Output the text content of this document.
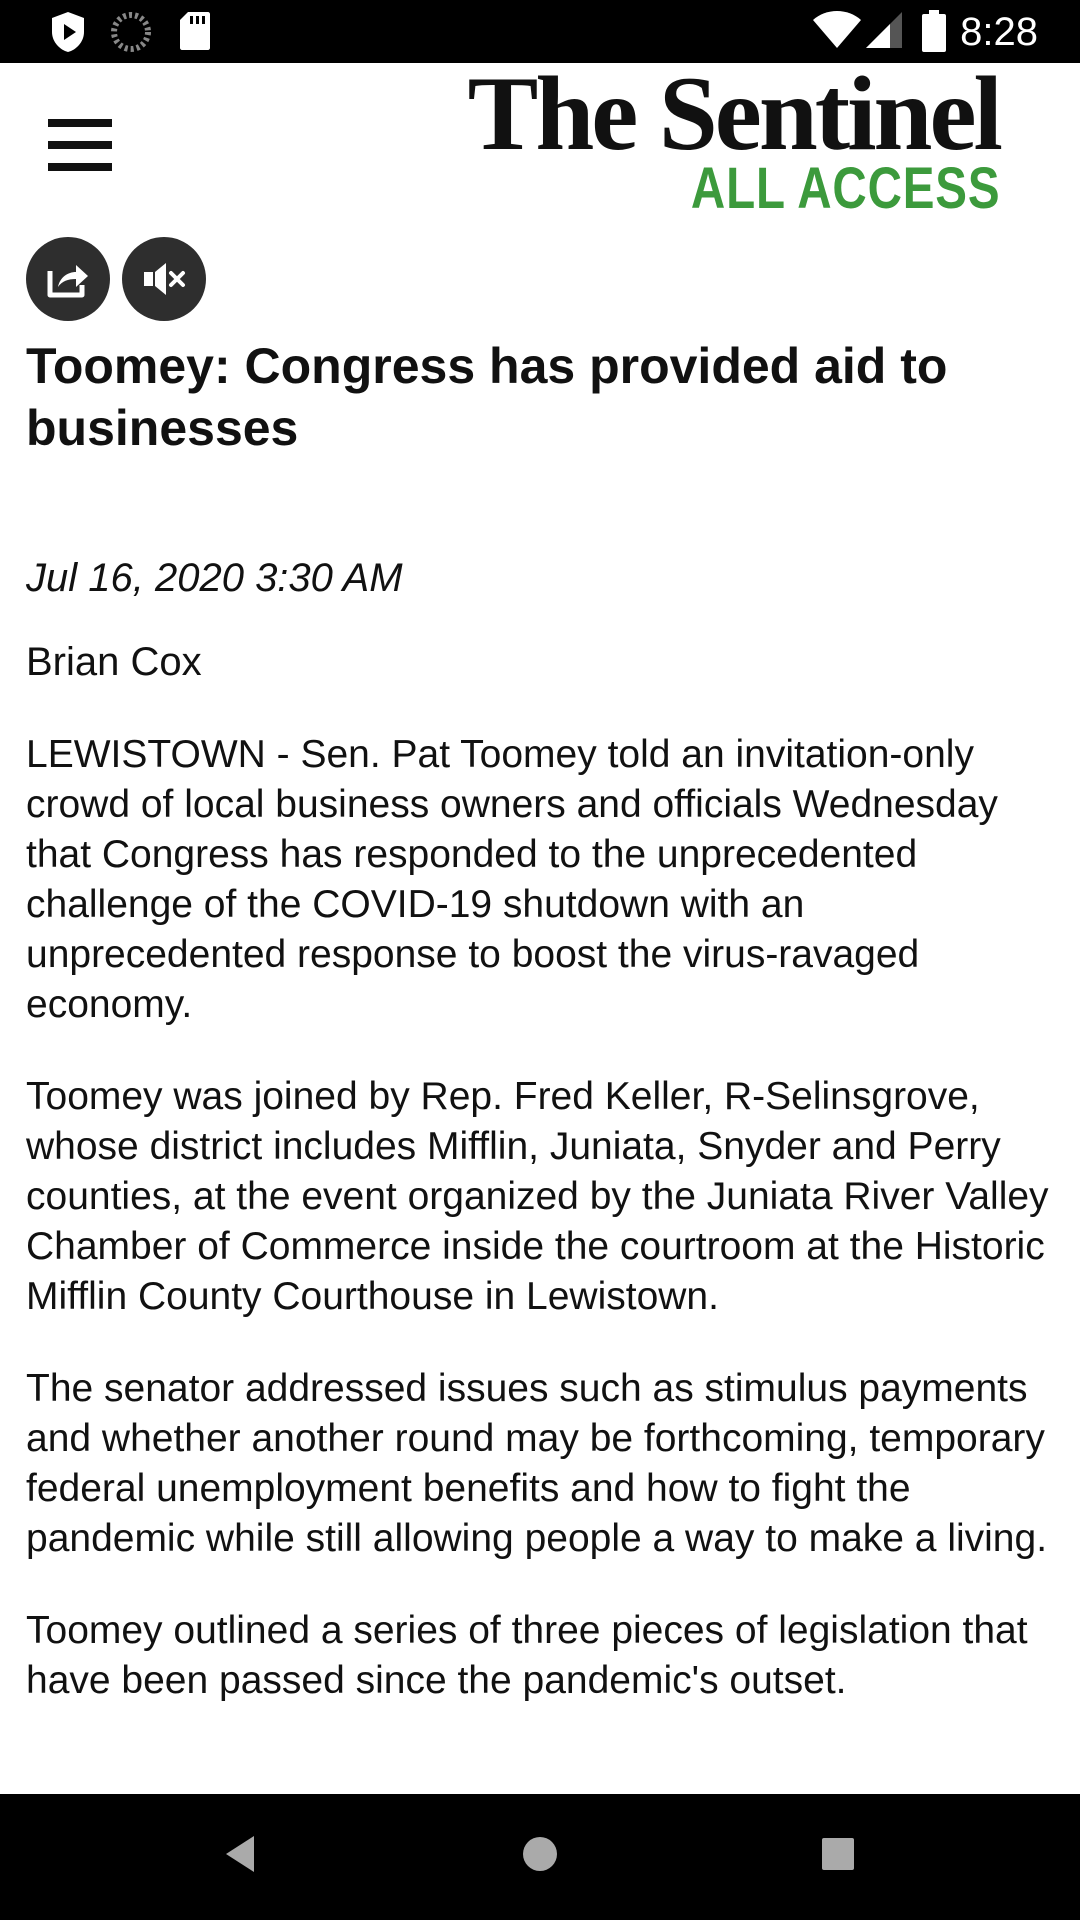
8:28
The Sentinel
ALL ACCESS
Toomey: Congress has provided aid to businesses
Jul 16, 2020 3:30 AM
Brian Cox

LEWISTOWN - Sen. Pat Toomey told an invitation-only crowd of local business owners and officials Wednesday that Congress has responded to the unprecedented challenge of the COVID-19 shutdown with an unprecedented response to boost the virus-ravaged economy.

Toomey was joined by Rep. Fred Keller, R-Selinsgrove, whose district includes Mifflin, Juniata, Snyder and Perry counties, at the event organized by the Juniata River Valley Chamber of Commerce inside the courtroom at the Historic Mifflin County Courthouse in Lewistown.

The senator addressed issues such as stimulus payments and whether another round may be forthcoming, temporary federal unemployment benefits and how to fight the pandemic while still allowing people a way to make a living.

Toomey outlined a series of three pieces of legislation that have been passed since the pandemic's outset.
